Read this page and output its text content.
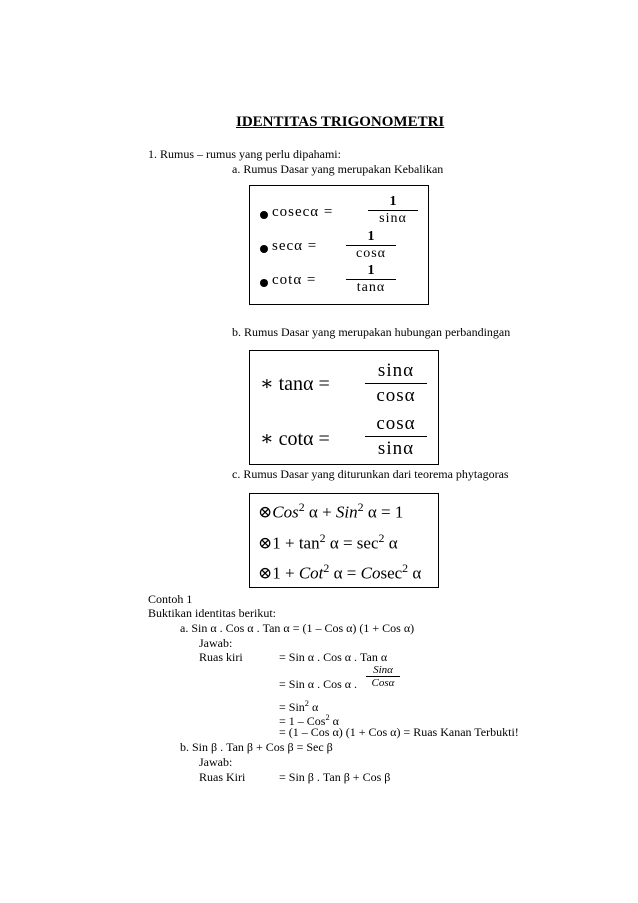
IDENTITAS TRIGONOMETRI
1. Rumus – rumus yang perlu dipahami:
a. Rumus Dasar yang merupakan Kebalikan
cosecα =
1
sinα
secα =
1
cosα
cotα =
1
tanα
b. Rumus Dasar yang merupakan hubungan perbandingan
∗ tanα =
sinα
cosα
∗ cotα =
cosα
sinα
c. Rumus Dasar yang diturunkan dari teorema phytagoras
⊗Cos$^2$ α + Sin$^2$ α = 1
⊗1 + $\tan^2 \alpha = \sec^2 \alpha$
⊗1 + Cot$^2$ α = Cosec$^2$ α
Contoh 1
Buktikan identitas berikut:
a. Sin α . Cos α . Tan α = (1 – Cos α) (1 + Cos α)
Jawab:
Ruas kiri	= Sin α . Cos α . Tan α
= Sin α . Cos α .
Sinα
Cosα
= Sin$^2$ α
= 1 – Cos$^2$ α
= (1 – Cos α) (1 + Cos α) = Ruas Kanan Terbukti!
b. Sin β . Tan β + Cos β = Sec β
Jawab:
Ruas Kiri	= Sin β . Tan β + Cos β
